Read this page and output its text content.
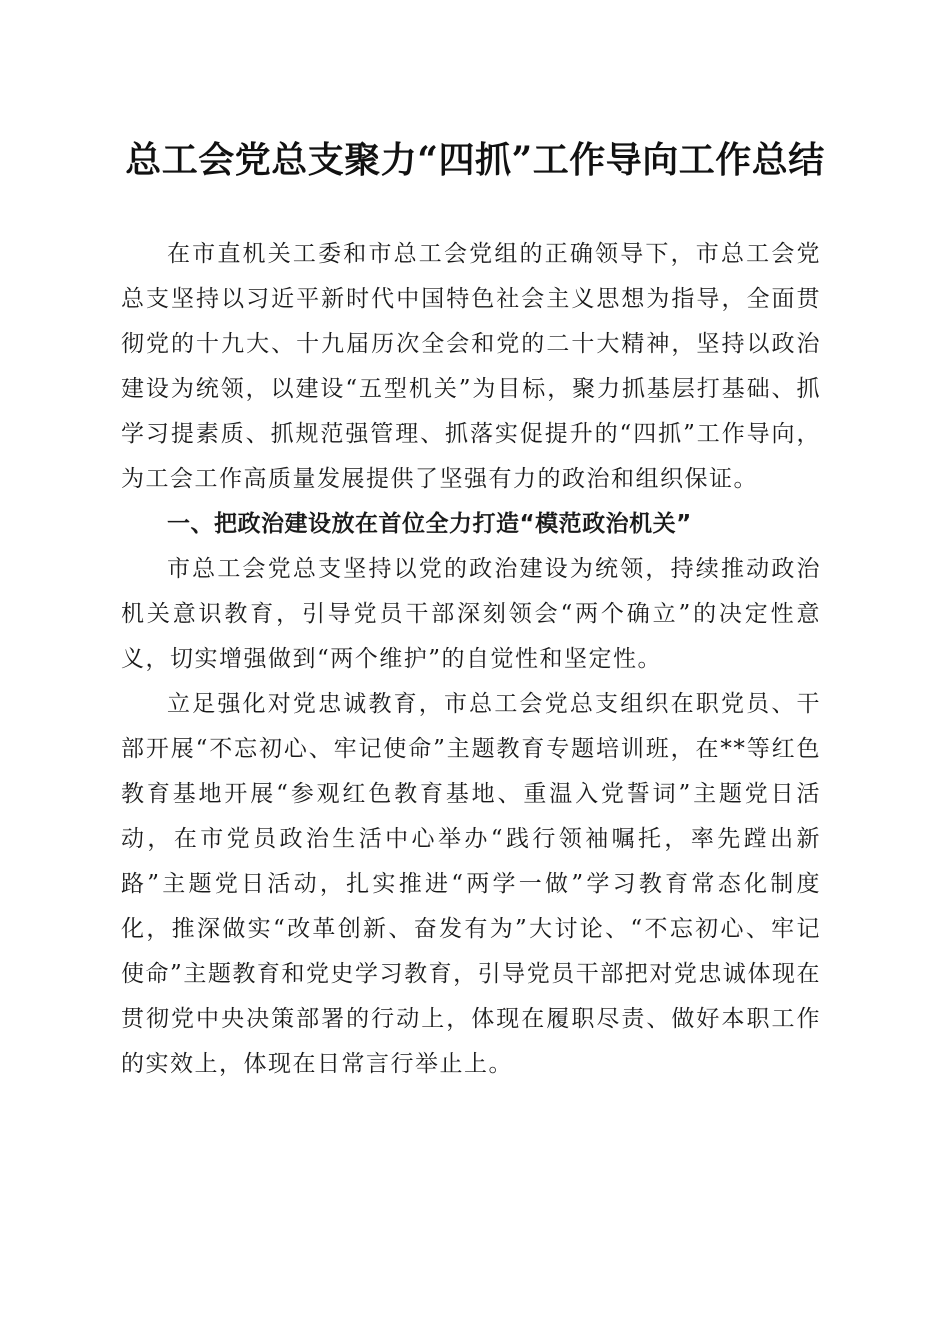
总工会党总支聚力“四抓”工作导向工作总结

在市直机关工委和市总工会党组的正确领导下，市总工会党总支坚持以习近平新时代中国特色社会主义思想为指导，全面贯彻党的十九大、十九届历次全会和党的二十大精神，坚持以政治建设为统领，以建设“五型机关”为目标，聚力抓基层打基础、抓学习提素质、抓规范强管理、抓落实促提升的“四抓”工作导向，为工会工作高质量发展提供了坚强有力的政治和组织保证。

一、把政治建设放在首位全力打造“模范政治机关”

市总工会党总支坚持以党的政治建设为统领，持续推动政治机关意识教育，引导党员干部深刻领会“两个确立”的决定性意义，切实增强做到“两个维护”的自觉性和坚定性。

立足强化对党忠诚教育，市总工会党总支组织在职党员、干部开展“不忘初心、牢记使命”主题教育专题培训班，在**等红色教育基地开展“参观红色教育基地、重温入党誓词”主题党日活动，在市党员政治生活中心举办“践行领袖嘱托，率先蹚出新路”主题党日活动，扎实推进“两学一做”学习教育常态化制度化，推深做实“改革创新、奋发有为”大讨论、“不忘初心、牢记使命”主题教育和党史学习教育，引导党员干部把对党忠诚体现在贯彻党中央决策部署的行动上，体现在履职尽责、做好本职工作的实效上，体现在日常言行举止上。
